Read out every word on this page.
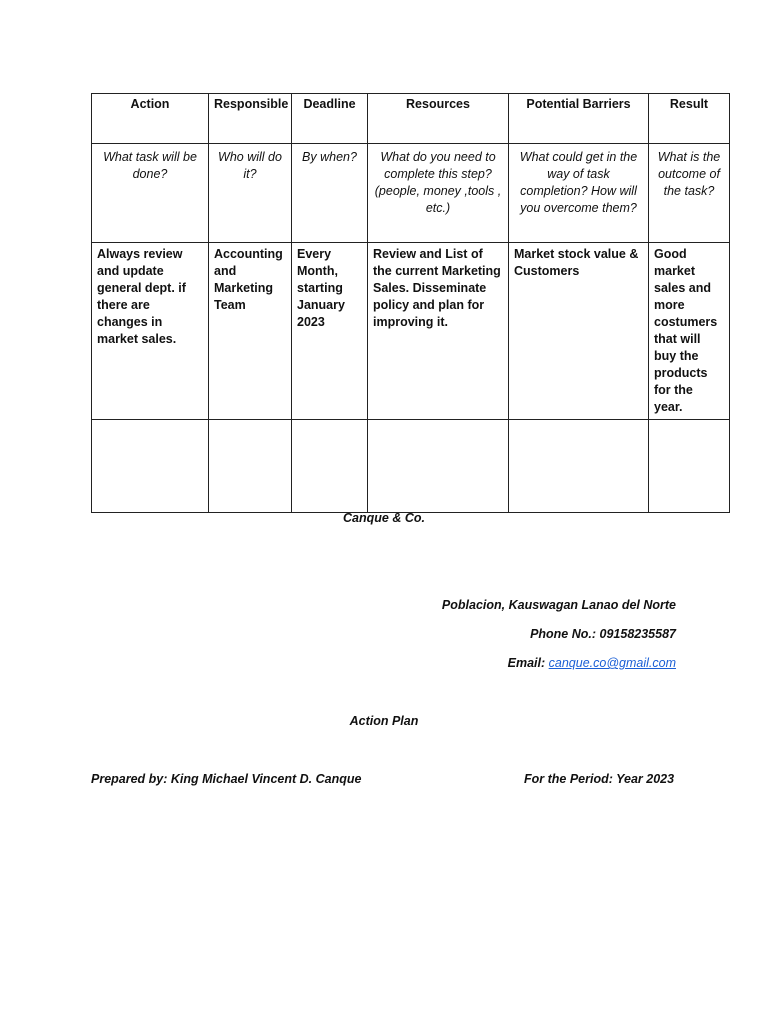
Action	Responsible	Deadline	Resources	Potential Barriers	Result
What task will be done?	Who will do it?	By when?	What do you need to complete this step? (people, money ,tools , etc.)	What could get in the way of task completion? How will you overcome them?	What is the outcome of the task?
Always review and update general dept. if there are changes in market sales.	Accounting and Marketing Team	Every Month, starting January 2023	Review and List of the current Marketing Sales. Disseminate policy and plan for improving it.	Market stock value & Customers	Good market sales and more costumers that will buy the products for the year.

Canque & Co.
Poblacion, Kauswagan Lanao del Norte
Phone No.: 09158235587
Email: canque.co@gmail.com
Action Plan
Prepared by: King Michael Vincent D. Canque	For the Period: Year 2023
